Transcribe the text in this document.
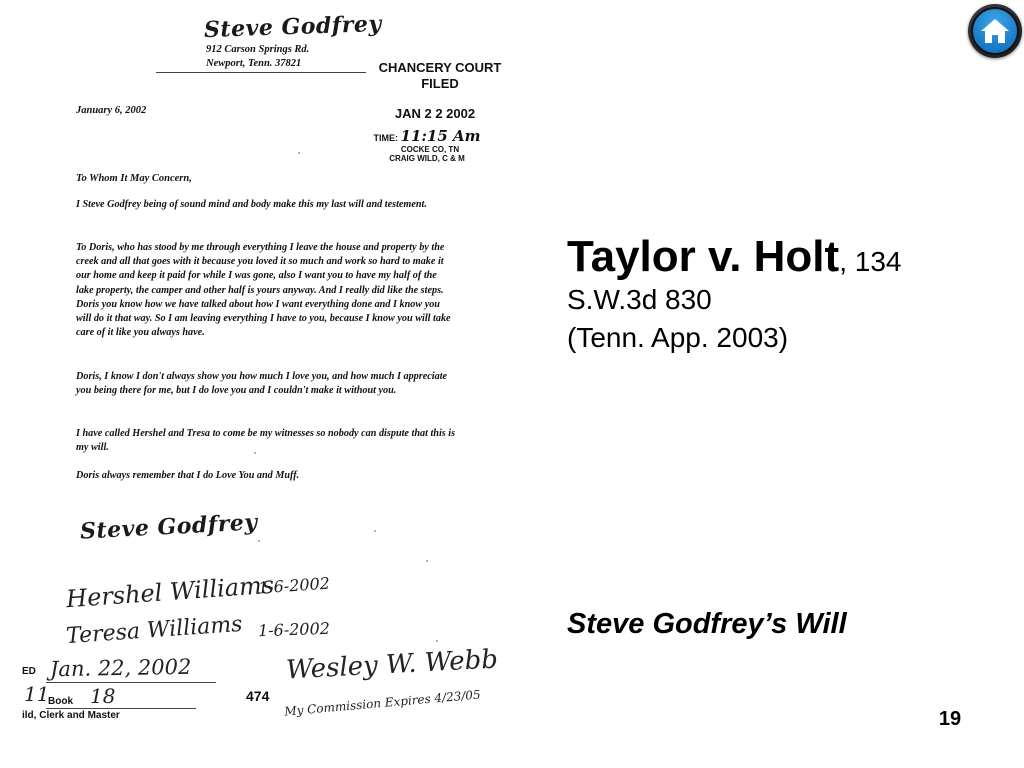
Steve Godfrey
912 Carson Springs Rd.
Newport, Tenn. 37821	CHANCERY COURT
FILED
JAN 2 2 2002
TIME: 11:15 Am
COCKE CO, TN
CRAIG WILD, C & M
January 6, 2002
To Whom It May Concern,
I Steve Godfrey being of sound mind and body make this my last will and testement.
To Doris, who has stood by me through everything I leave the house and property by the creek and all that goes with it because you loved it so much and work so hard to make it our home and keep it paid for while I was gone, also I want you to have my half of the lake property, the camper and other half is yours anyway. And I really did like the steps. Doris you know how we have talked about how I want everything done and I know you will do it that way. So I am leaving everything I have to you, because I know you will take care of it like you always have.
Doris, I know I don't always show you how much I love you, and how much I appreciate you being there for me, but I do love you and I couldn't make it without you.
I have called Hershel and Tresa to come be my witnesses so nobody can dispute that this is my will.
Doris always remember that I do Love You and Muff.
Steve Godfrey
Hershel Williams
1-6-2002
Teresa Williams 1-6-2002
ED Jan. 22, 2002
11
Book 18
ild, Clerk and Master
474
Wesley W. Webb
My Commission Expires 4/23/05
Taylor v. Holt, 134
S.W.3d 830
(Tenn. App. 2003)
Steve Godfrey’s Will
19
